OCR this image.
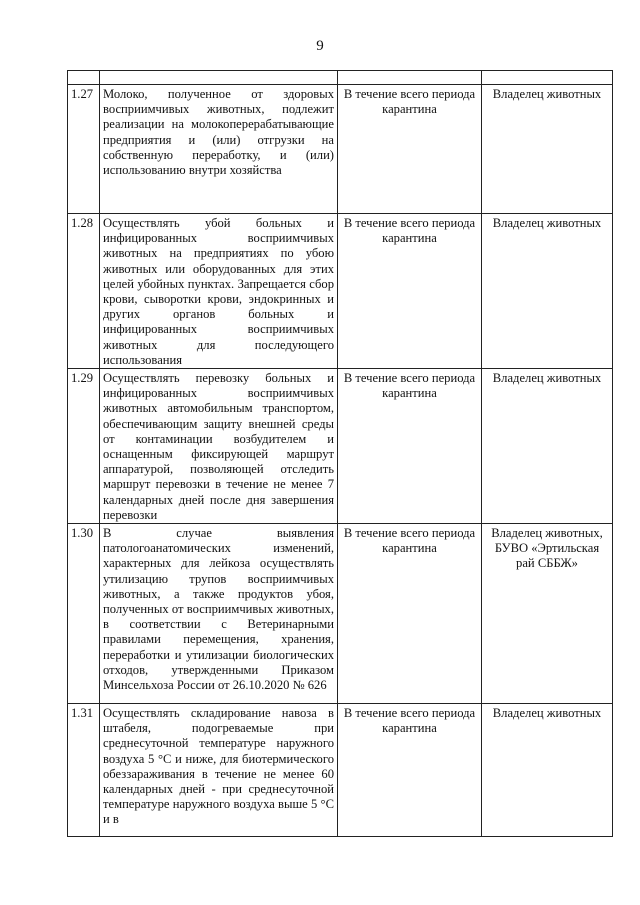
9

1.27	Молоко, полученное от здоровых восприимчивых животных, подлежит реализации на молокоперерабатывающие предприятия и (или) отгрузки на собственную переработку, и (или) использованию внутри хозяйства	В течение всего периода карантина	Владелец животных
1.28	Осуществлять убой больных и инфицированных восприимчивых животных на предприятиях по убою животных или оборудованных для этих целей убойных пунктах. Запрещается сбор крови, сыворотки крови, эндокринных и других органов больных и инфицированных восприимчивых животных для последующего использования	В течение всего периода карантина	Владелец животных
1.29	Осуществлять перевозку больных и инфицированных восприимчивых животных автомобильным транспортом, обеспечивающим защиту внешней среды от контаминации возбудителем и оснащенным фиксирующей маршрут аппаратурой, позволяющей отследить маршрут перевозки в течение не менее 7 календарных дней после дня завершения перевозки	В течение всего периода карантина	Владелец животных
1.30	В случае выявления патологоанатомических изменений, характерных для лейкоза осуществлять утилизацию трупов восприимчивых животных, а также продуктов убоя, полученных от восприимчивых животных, в соответствии с Ветеринарными правилами перемещения, хранения, переработки и утилизации биологических отходов, утвержденными Приказом Минсельхоза России от 26.10.2020 № 626	В течение всего периода карантина	Владелец животных, БУВО «Эртильская рай СББЖ»
1.31	Осуществлять складирование навоза в штабеля, подогреваемые при среднесуточной температуре наружного воздуха 5 °С и ниже, для биотермического обеззараживания в течение не менее 60 календарных дней - при среднесуточной температуре наружного воздуха выше 5 °С и в	В течение всего периода карантина	Владелец животных
